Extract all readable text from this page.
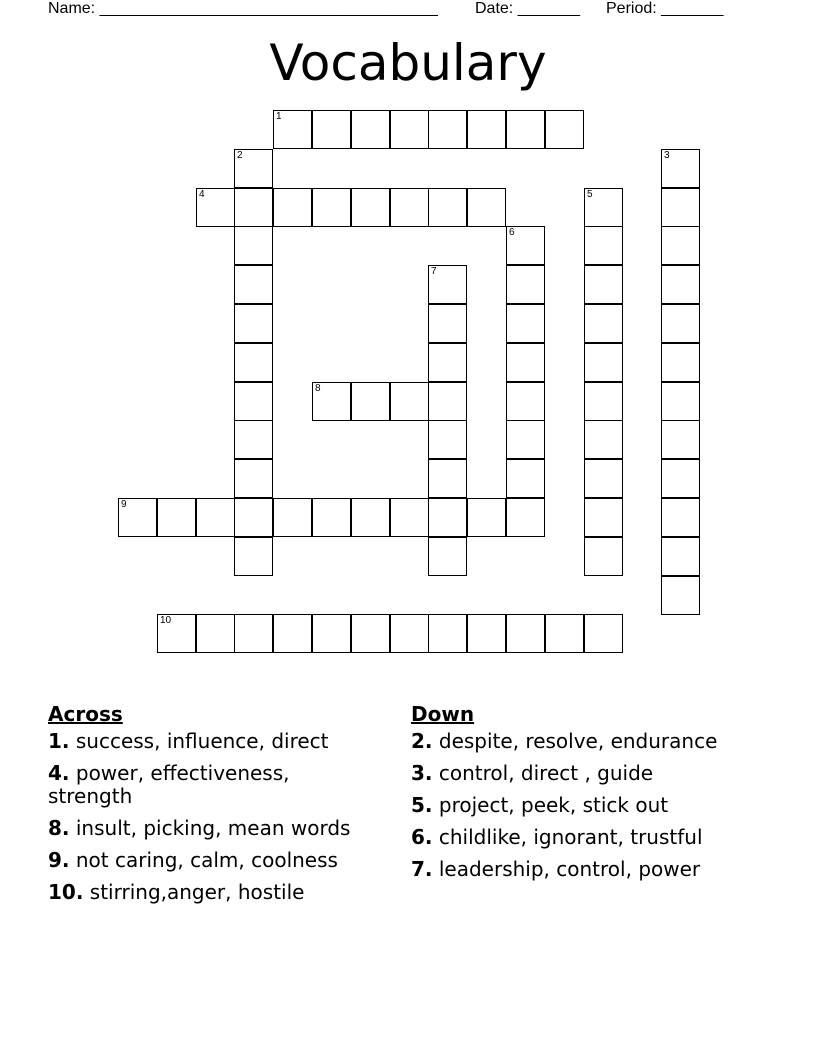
Name: ______________________________________ Date: _______ Period: _______
Vocabulary
1
2	3
4	5
6
7
8
9
10
Across
1. success, influence, direct
4. power, effectiveness, strength
8. insult, picking, mean words
9. not caring, calm, coolness
10. stirring,anger, hostile
Down
2. despite, resolve, endurance
3. control, direct , guide
5. project, peek, stick out
6. childlike, ignorant, trustful
7. leadership, control, power
